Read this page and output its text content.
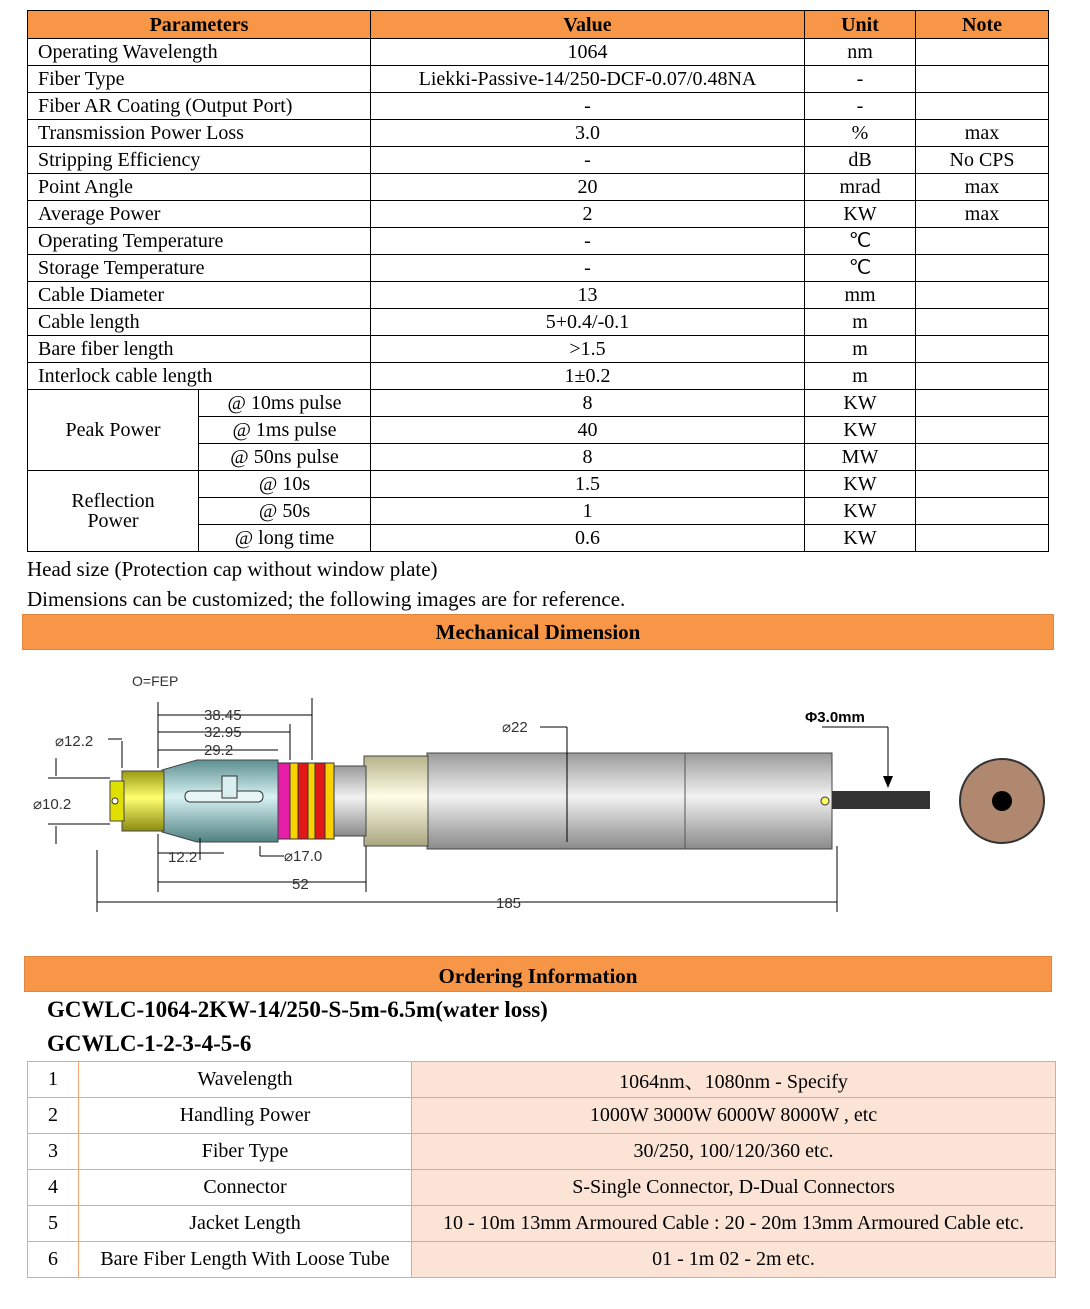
Parameters		Value	Unit	Note
Operating Wavelength		1064	nm	
Fiber Type		Liekki-Passive-14/250-DCF-0.07/0.48NA	-	
Fiber AR Coating (Output Port)		-	-	
Transmission Power Loss		3.0	%	max
Stripping Efficiency		-	dB	No CPS
Point Angle		20	mrad	max
Average Power		2	KW	max
Operating Temperature		-	℃	
Storage Temperature		-	℃	
Cable Diameter		13	mm	
Cable length		5+0.4/-0.1	m	
Bare fiber length		>1.5	m	
Interlock cable length		1±0.2	m	
Peak Power	@ 10ms pulse	8	KW	
	@ 1ms pulse	40	KW	
	@ 50ns pulse	8	MW	
Reflection
Power	@ 10s	1.5	KW	
	@ 50s	1	KW	
	@ long time	0.6	KW	
Head size (Protection cap without window plate)
Dimensions can be customized; the following images are for reference.
Mechanical Dimension
O=FEP
38.45
32.95
29.2
⌀12.2
⌀10.2
⌀22
⌀17.0
12.2
52
185
Φ3.0mm
Ordering Information
GCWLC-1064-2KW-14/250-S-5m-6.5m(water loss)
GCWLC-1-2-3-4-5-6
1	Wavelength	1064nm、1080nm - Specify
2	Handling Power	1000W 3000W 6000W 8000W , etc
3	Fiber Type	30/250, 100/120/360 etc.
4	Connector	S-Single Connector, D-Dual Connectors
5	Jacket Length	10 - 10m 13mm Armoured Cable : 20 - 20m 13mm Armoured Cable etc.
6	Bare Fiber Length With Loose Tube	01 - 1m 02 - 2m etc.
